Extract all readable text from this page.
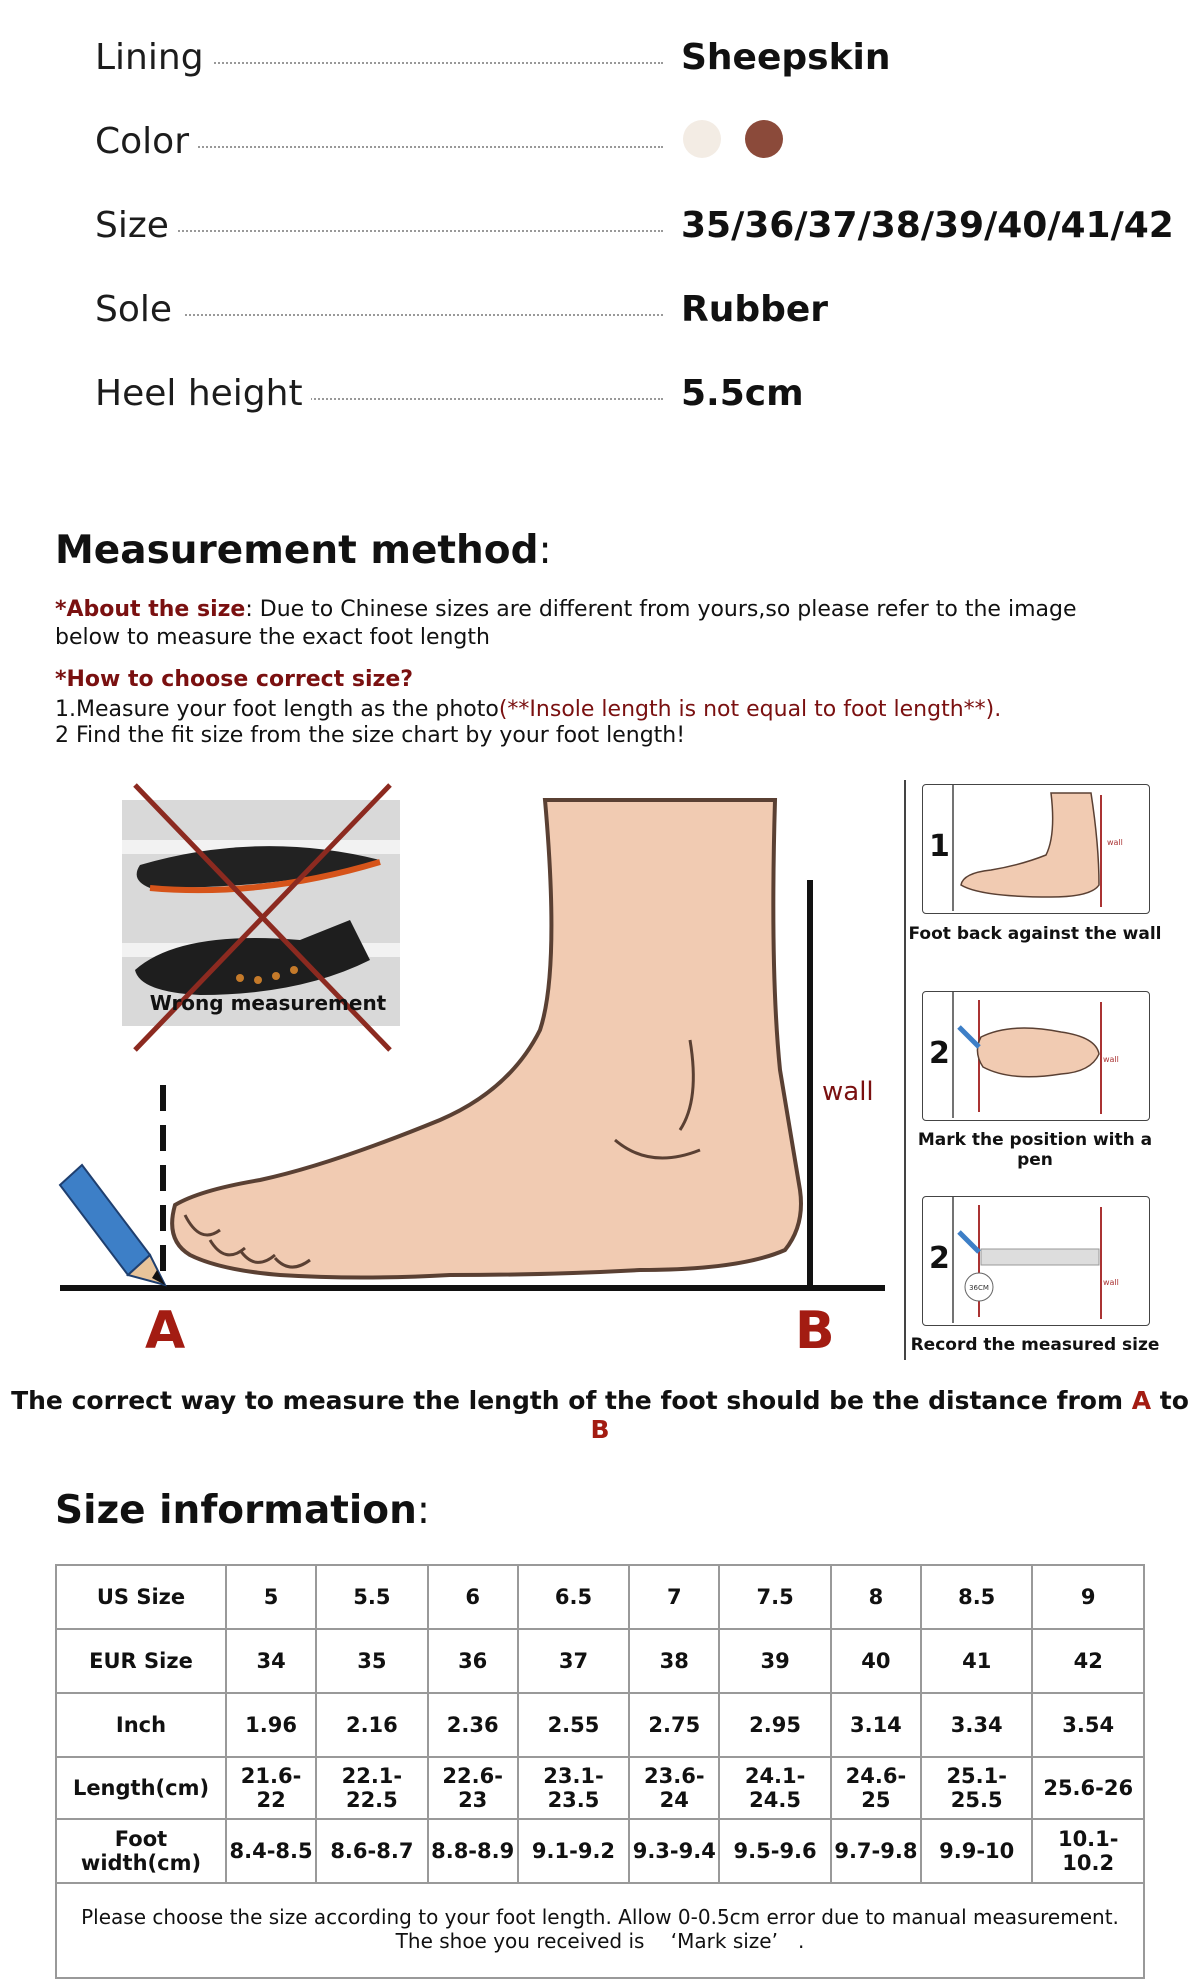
Lining	Sheepskin
Color
Size	35/36/37/38/39/40/41/42
Sole	Rubber
Heel height	5.5cm
Measurement method:
*About the size: Due to Chinese sizes are different from yours,so please refer to the image below to measure the exact foot length
*How to choose correct size?
1.Measure your foot length as the photo(**Insole length is not equal to foot length**).
2 Find the fit size from the size chart by your foot length!
Wrong measurement
wall
A	B
1	wall
Foot back against the wall
2	wall
Mark the position with a pen
2
36CM
wall
Record the measured size
The correct way to measure the length of the foot should be the distance from A to B
Size information:
US Size	5	5.5	6	6.5	7	7.5	8	8.5	9
EUR Size	34	35	36	37	38	39	40	41	42
Inch	1.96	2.16	2.36	2.55	2.75	2.95	3.14	3.34	3.54
Length(cm)	21.6-22	22.1-22.5	22.6-23	23.1-23.5	23.6-24	24.1-24.5	24.6-25	25.1-25.5	25.6-26
Foot width(cm)	8.4-8.5	8.6-8.7	8.8-8.9	9.1-9.2	9.3-9.4	9.5-9.6	9.7-9.8	9.9-10	10.1-10.2
Please choose the size according to your foot length. Allow 0-0.5cm error due to manual measurement.
The shoe you received is 　‘Mark size’　.
